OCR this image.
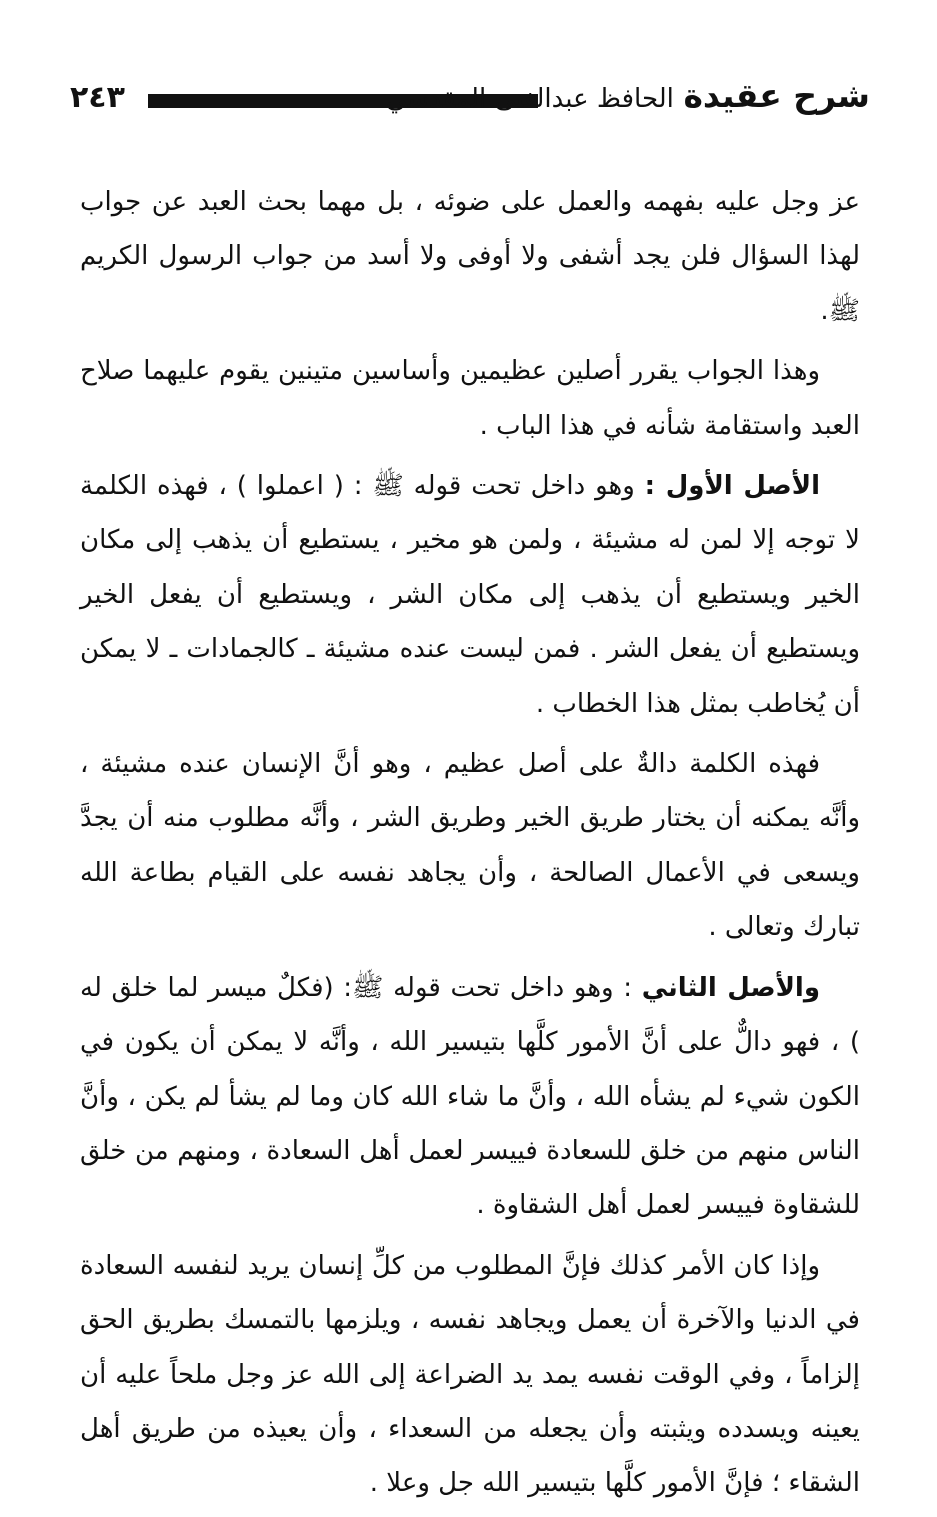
٢٤٣	شرح عقيدة الحافظ عبدالغنى المقدسي

عز وجل عليه بفهمه والعمل على ضوئه ، بل مهما بحث العبد عن جواب لهذا السؤال فلن يجد أشفى ولا أوفى ولا أسد من جواب الرسول الكريم ﷺ.

وهذا الجواب يقرر أصلين عظيمين وأساسين متينين يقوم عليهما صلاح العبد واستقامة شأنه في هذا الباب .

الأصل الأول : وهو داخل تحت قوله ﷺ : ( اعملوا ) ، فهذه الكلمة لا توجه إلا لمن له مشيئة ، ولمن هو مخير ، يستطيع أن يذهب إلى مكان الخير ويستطيع أن يذهب إلى مكان الشر ، ويستطيع أن يفعل الخير ويستطيع أن يفعل الشر . فمن ليست عنده مشيئة ـ كالجمادات ـ لا يمكن أن يُخاطب بمثل هذا الخطاب .

فهذه الكلمة دالةٌ على أصل عظيم ، وهو أنَّ الإنسان عنده مشيئة ، وأنَّه يمكنه أن يختار طريق الخير وطريق الشر ، وأنَّه مطلوب منه أن يجدَّ ويسعى في الأعمال الصالحة ، وأن يجاهد نفسه على القيام بطاعة الله تبارك وتعالى .

والأصل الثاني : وهو داخل تحت قوله ﷺ: (فكلٌ ميسر لما خلق له ) ، فهو دالٌّ على أنَّ الأمور كلَّها بتيسير الله ، وأنَّه لا يمكن أن يكون في الكون شيء لم يشأه الله ، وأنَّ ما شاء الله كان وما لم يشأ لم يكن ، وأنَّ الناس منهم من خلق للسعادة فييسر لعمل أهل السعادة ، ومنهم من خلق للشقاوة فييسر لعمل أهل الشقاوة .

وإذا كان الأمر كذلك فإنَّ المطلوب من كلِّ إنسان يريد لنفسه السعادة في الدنيا والآخرة أن يعمل ويجاهد نفسه ، ويلزمها بالتمسك بطريق الحق إلزاماً ، وفي الوقت نفسه يمد يد الضراعة إلى الله عز وجل ملحاً عليه أن يعينه ويسدده ويثبته وأن يجعله من السعداء ، وأن يعيذه من طريق أهل الشقاء ؛ فإنَّ الأمور كلَّها بتيسير الله جل وعلا .
